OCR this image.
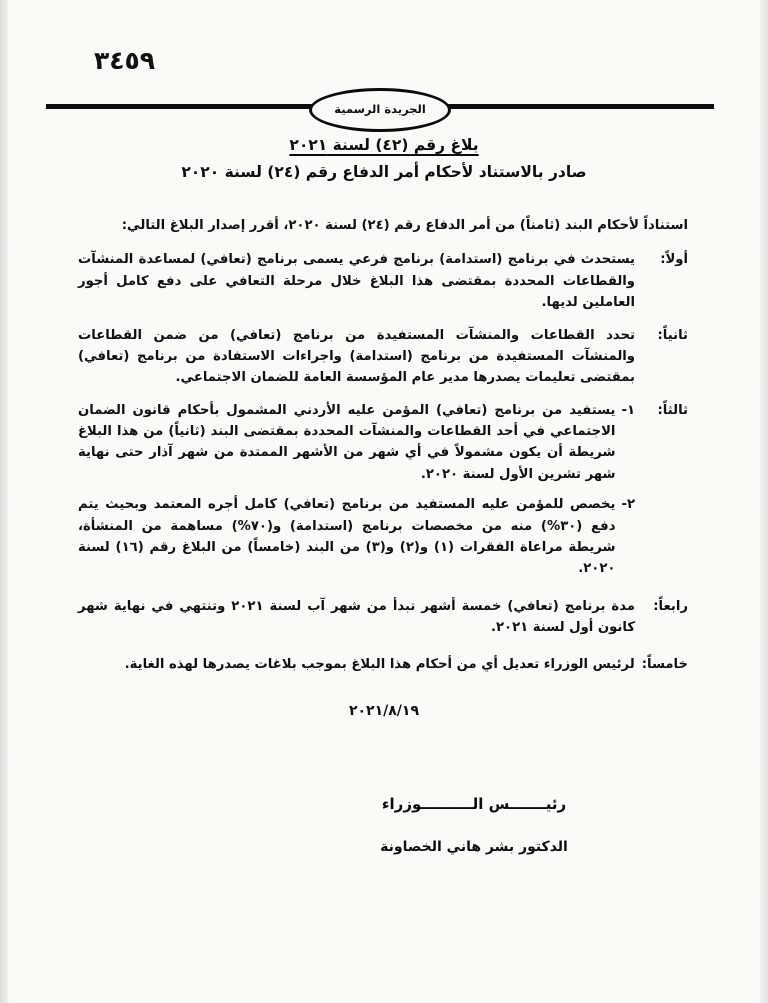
٣٤٥٩
الجريدة الرسمية
بلاغ رقم (٤٢) لسنة ٢٠٢١
صادر بالاستناد لأحكام أمر الدفاع رقم (٢٤) لسنة ٢٠٢٠
استناداً لأحكام البند (ثامناً) من أمر الدفاع رقم (٢٤) لسنة ٢٠٢٠، أقرر إصدار البلاغ التالي:
أولاً:
يستحدث في برنامج (استدامة) برنامج فرعي يسمى برنامج (تعافي) لمساعدة المنشآت والقطاعات المحددة بمقتضى هذا البلاغ خلال مرحلة التعافي على دفع كامل أجور العاملين لديها.
ثانياً:
تحدد القطاعات والمنشآت المستفيدة من برنامج (تعافي) من ضمن القطاعات والمنشآت المستفيدة من برنامج (استدامة) واجراءات الاستفادة من برنامج (تعافي) بمقتضى تعليمات يصدرها مدير عام المؤسسة العامة للضمان الاجتماعي.
ثالثاً:
١-
يستفيد من برنامج (تعافي) المؤمن عليه الأردني المشمول بأحكام قانون الضمان الاجتماعي في أحد القطاعات والمنشآت المحددة بمقتضى البند (ثانياً) من هذا البلاغ شريطة أن يكون مشمولاً في أي شهر من الأشهر الممتدة من شهر آذار حتى نهاية شهر تشرين الأول لسنة ٢٠٢٠.
٢-
يخصص للمؤمن عليه المستفيد من برنامج (تعافي) كامل أجره المعتمد وبحيث يتم دفع (٣٠%) منه من مخصصات برنامج (استدامة) و(٧٠%) مساهمة من المنشأة، شريطة مراعاة الفقرات (١) و(٢) و(٣) من البند (خامساً) من البلاغ رقم (١٦) لسنة ٢٠٢٠.
رابعاً:
مدة برنامج (تعافي) خمسة أشهر تبدأ من شهر آب لسنة ٢٠٢١ وتنتهي في نهاية شهر كانون أول لسنة ٢٠٢١.
خامساً:
لرئيس الوزراء تعديل أي من أحكام هذا البلاغ بموجب بلاغات يصدرها لهذه الغاية.
٢٠٢١/٨/١٩
رئيـــــــس الــــــــــوزراء
الدكتور بشر هاني الخصاونة
